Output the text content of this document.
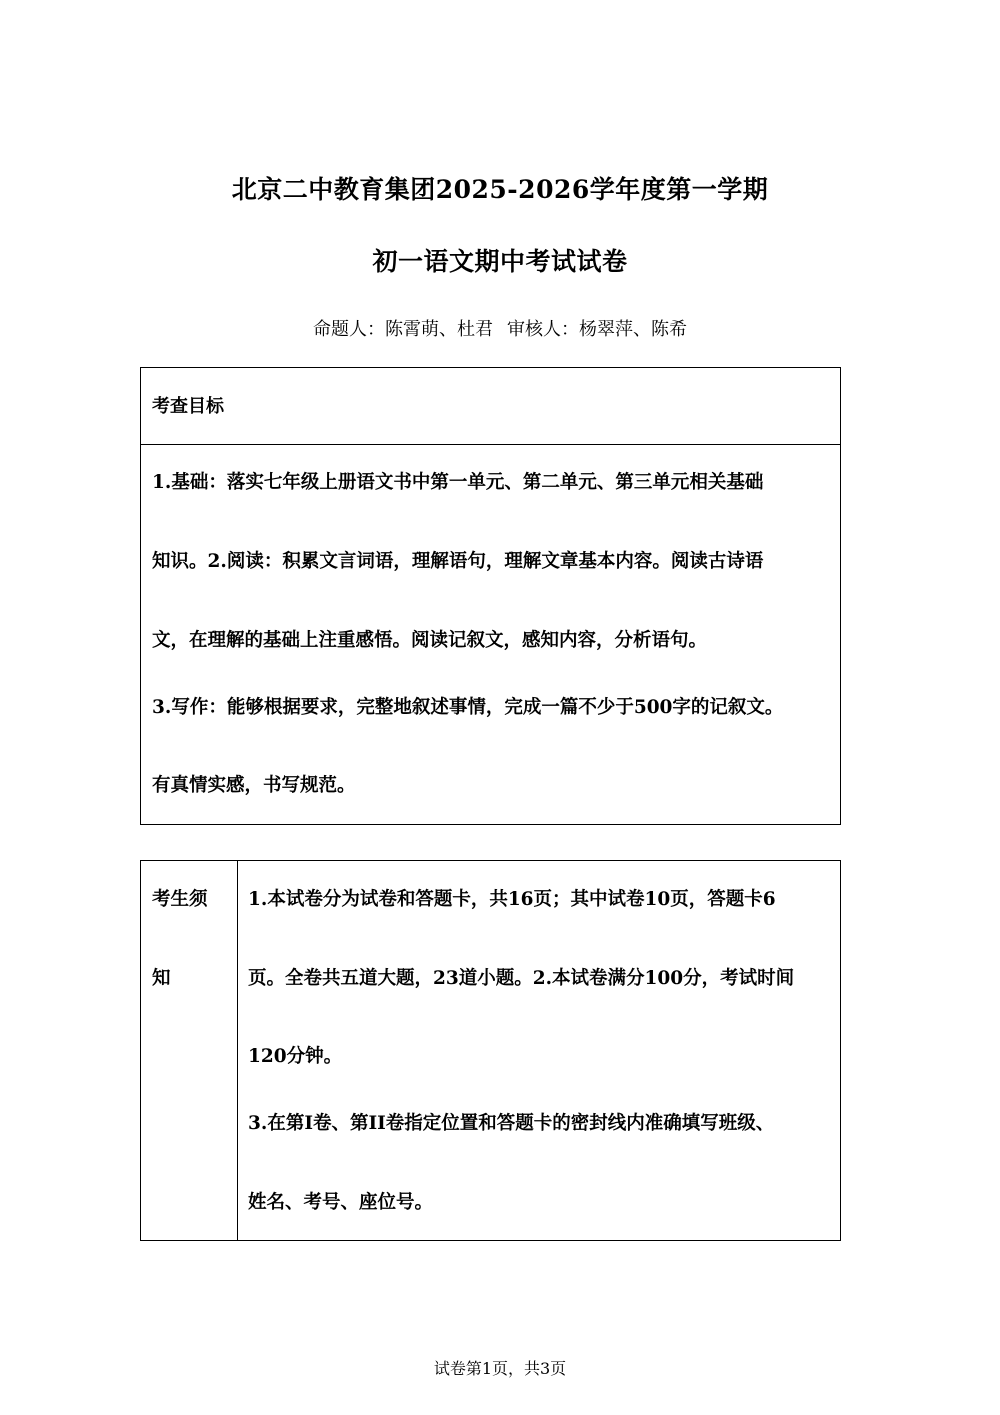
北京二中教育集团2025-2026学年度第一学期
初一语文期中考试试卷
命题人：陈霄萌、杜君 审核人：杨翠萍、陈希
考查目标
1.基础：落实七年级上册语文书中第一单元、第二单元、第三单元相关基础
知识。2.阅读：积累文言词语，理解语句，理解文章基本内容。阅读古诗语
文，在理解的基础上注重感悟。阅读记叙文，感知内容，分析语句。
3.写作：能够根据要求，完整地叙述事情，完成一篇不少于500字的记叙文。
有真情实感，书写规范。
考生须
知
1.本试卷分为试卷和答题卡，共16页；其中试卷10页，答题卡6
页。全卷共五道大题，23道小题。2.本试卷满分100分，考试时间
120分钟。
3.在第I卷、第II卷指定位置和答题卡的密封线内准确填写班级、
姓名、考号、座位号。
试卷第1页，共3页
